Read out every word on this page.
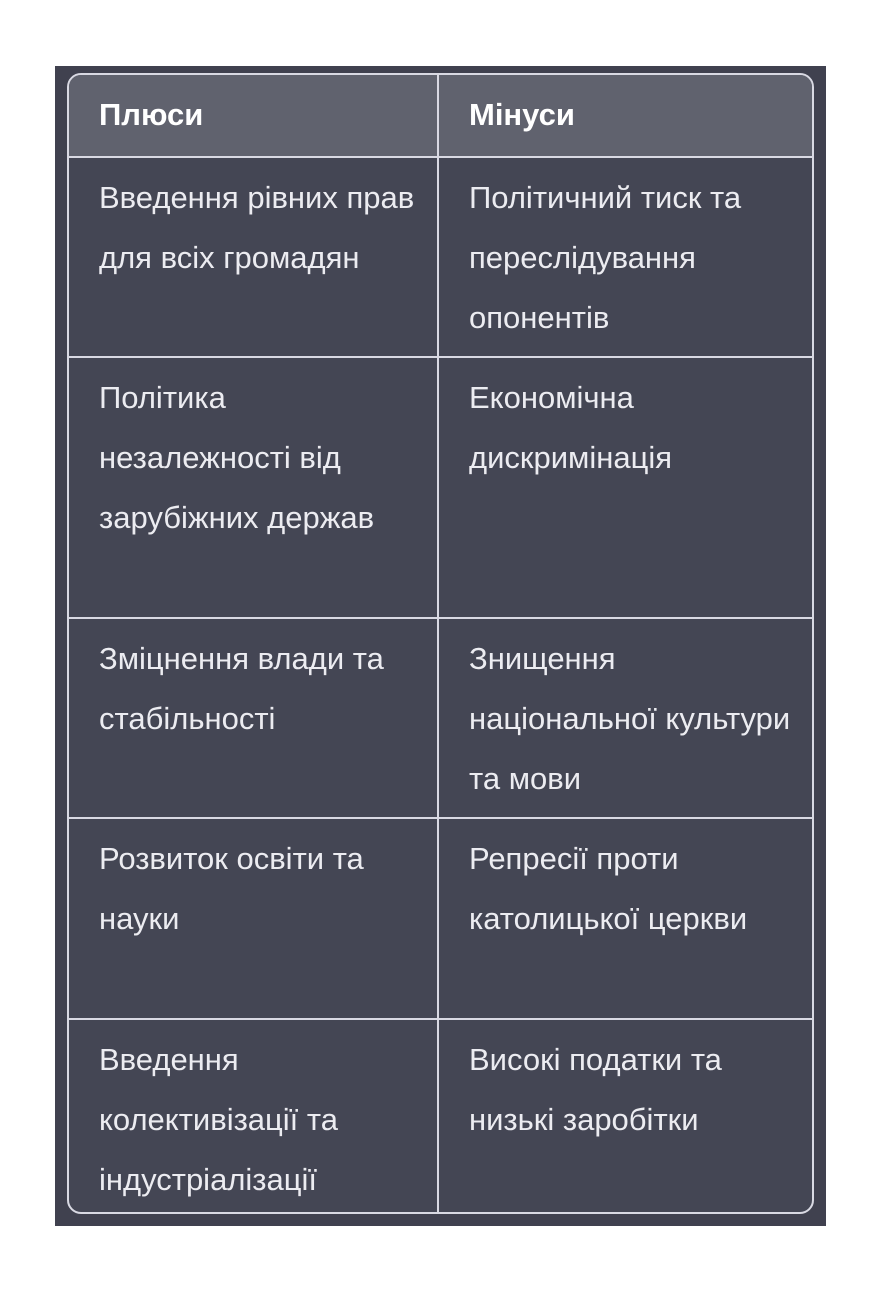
Плюси	Мінуси
Введення рівних прав для всіх громадян	Політичний тиск та переслідування опонентів
Політика незалежності від зарубіжних держав	Економічна дискримінація
Зміцнення влади та стабільності	Знищення національної культури та мови
Розвиток освіти та науки	Репресії проти католицької церкви
Введення колективізації та індустріалізації	Високі податки та низькі заробітки
